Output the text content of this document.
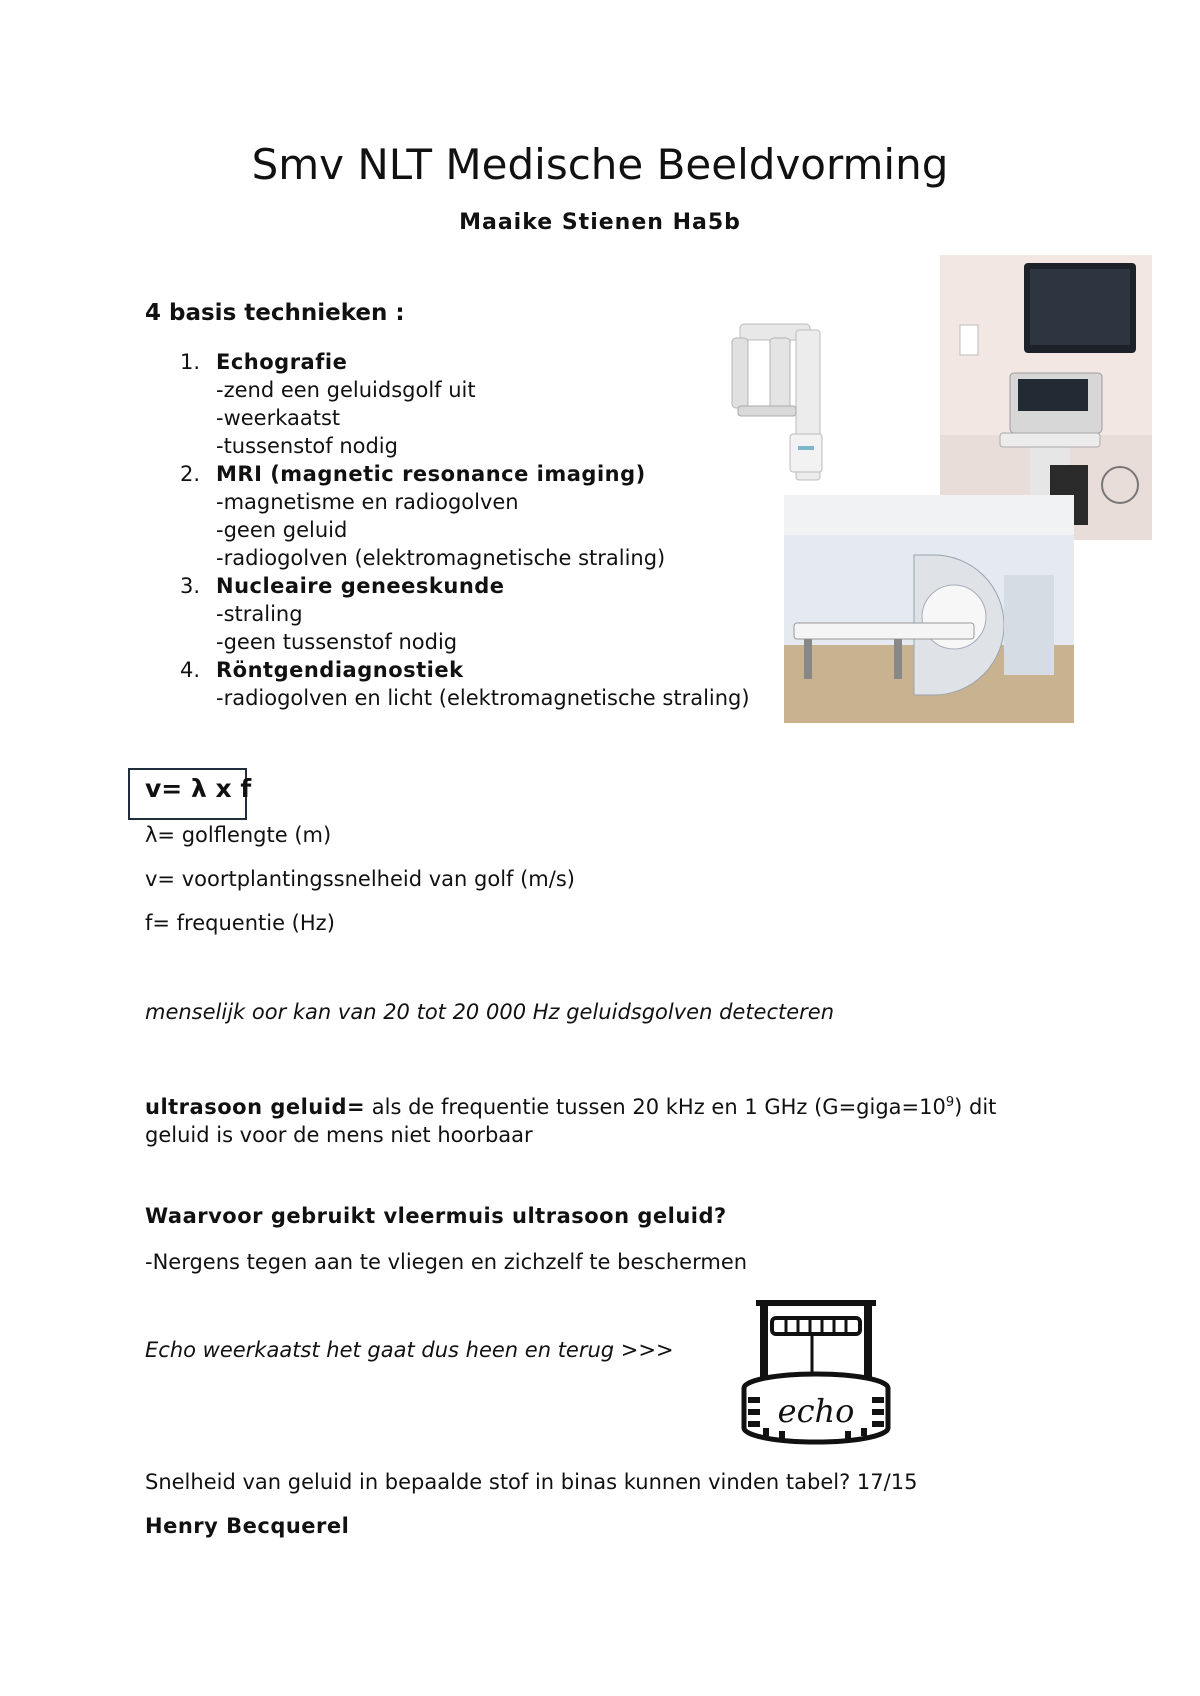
Smv NLT Medische Beeldvorming
Maaike Stienen Ha5b
4 basis technieken :
1. Echografie
-zend een geluidsgolf uit
-weerkaatst
-tussenstof nodig
2. MRI (magnetic resonance imaging)
-magnetisme en radiogolven
-geen geluid
-radiogolven (elektromagnetische straling)
3. Nucleaire geneeskunde
-straling
-geen tussenstof nodig
4. Röntgendiagnostiek
-radiogolven en licht (elektromagnetische straling)
v= λ x f
λ= golflengte (m)
v= voortplantingssnelheid van golf (m/s)
f= frequentie (Hz)
menselijk oor kan van 20 tot 20 000 Hz geluidsgolven detecteren
ultrasoon geluid= als de frequentie tussen 20 kHz en 1 GHz $(G=giga=10^9)$ dit
geluid is voor de mens niet hoorbaar
Waarvoor gebruikt vleermuis ultrasoon geluid?
-Nergens tegen aan te vliegen en zichzelf te beschermen
Echo weerkaatst het gaat dus heen en terug >>>
echo
Snelheid van geluid in bepaalde stof in binas kunnen vinden tabel? 17/15
Henry Becquerel
